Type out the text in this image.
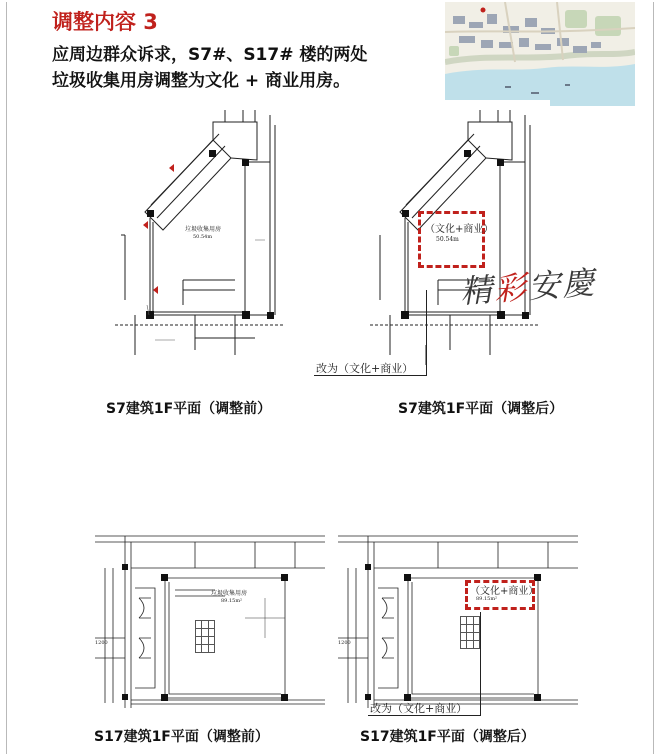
调整内容 3
应周边群众诉求，S7#、S17# 楼的两处
垃圾收集用房调整为文化 + 商业用房。
垃圾收集用房
50.54m
S7建筑1F平面（调整前）
（文化+商业）
50.54m
改为（文化+商业）
S7建筑1F平面（调整后）
精彩安慶
垃圾收集用房
89.15m²
1200

S17建筑1F平面（调整前）
（文化+商业）
89.15m²
1200

改为（文化+商业）
S17建筑1F平面（调整后）
